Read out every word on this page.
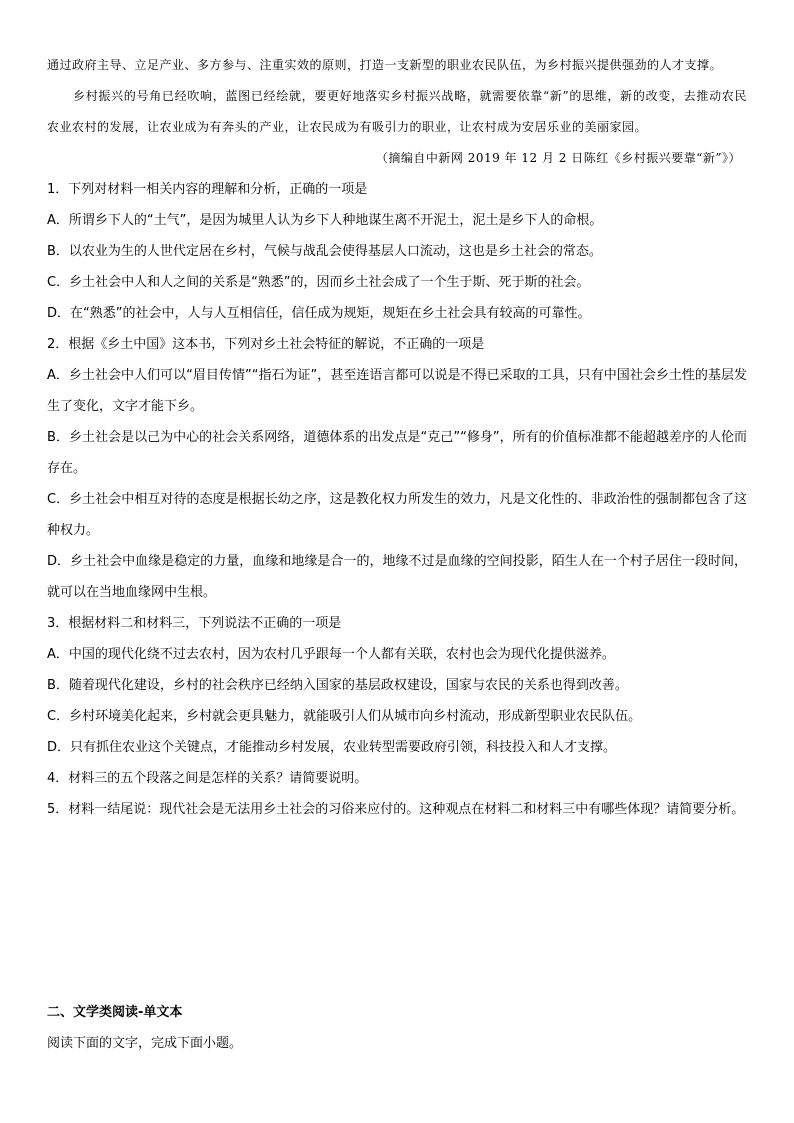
通过政府主导、立足产业、多方参与、注重实效的原则，打造一支新型的职业农民队伍，为乡村振兴提供强劲的人才支撑。

乡村振兴的号角已经吹响，蓝图已经绘就，要更好地落实乡村振兴战略，就需要依靠“新”的思维，新的改变，去推动农民农业农村的发展，让农业成为有奔头的产业，让农民成为有吸引力的职业，让农村成为安居乐业的美丽家园。

（摘编自中新网 2019 年 12 月 2 日陈红《乡村振兴要靠“新”》）

1．下列对材料一相关内容的理解和分析，正确的一项是

A．所谓乡下人的“土气”，是因为城里人认为乡下人种地谋生离不开泥土，泥土是乡下人的命根。

B．以农业为生的人世代定居在乡村，气候与战乱会使得基层人口流动，这也是乡土社会的常态。

C．乡土社会中人和人之间的关系是“熟悉”的，因而乡土社会成了一个生于斯、死于斯的社会。

D．在“熟悉”的社会中，人与人互相信任，信任成为规矩，规矩在乡土社会具有较高的可靠性。

2．根据《乡土中国》这本书，下列对乡土社会特征的解说，不正确的一项是

A．乡土社会中人们可以“眉目传情”“指石为证”，甚至连语言都可以说是不得已采取的工具，只有中国社会乡土性的基层发生了变化，文字才能下乡。

B．乡土社会是以己为中心的社会关系网络，道德体系的出发点是“克己”“修身”，所有的价值标准都不能超越差序的人伦而存在。

C．乡土社会中相互对待的态度是根据长幼之序，这是教化权力所发生的效力，凡是文化性的、非政治性的强制都包含了这种权力。

D．乡土社会中血缘是稳定的力量，血缘和地缘是合一的，地缘不过是血缘的空间投影，陌生人在一个村子居住一段时间，就可以在当地血缘网中生根。

3．根据材料二和材料三，下列说法不正确的一项是

A．中国的现代化绕不过去农村，因为农村几乎跟每一个人都有关联，农村也会为现代化提供滋养。

B．随着现代化建设，乡村的社会秩序已经纳入国家的基层政权建设，国家与农民的关系也得到改善。

C．乡村环境美化起来，乡村就会更具魅力，就能吸引人们从城市向乡村流动，形成新型职业农民队伍。

D．只有抓住农业这个关键点，才能推动乡村发展，农业转型需要政府引领，科技投入和人才支撑。

4．材料三的五个段落之间是怎样的关系？请简要说明。

5．材料一结尾说：现代社会是无法用乡土社会的习俗来应付的。这种观点在材料二和材料三中有哪些体现？请简要分析。

二、文学类阅读-单文本
阅读下面的文字，完成下面小题。
